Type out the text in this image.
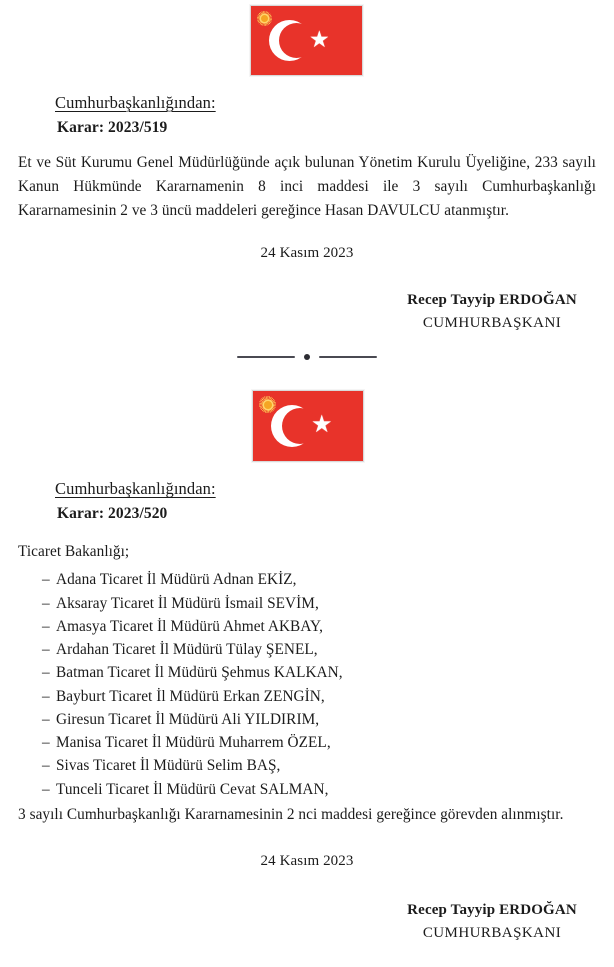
★
Cumhurbaşkanlığından:
Karar: 2023/519
Et ve Süt Kurumu Genel Müdürlüğünde açık bulunan Yönetim Kurulu Üyeliğine, 233 sayılı Kanun Hükmünde Kararnamenin 8 inci maddesi ile 3 sayılı Cumhurbaşkanlığı Kararnamesinin 2 ve 3 üncü maddeleri gereğince Hasan DAVULCU atanmıştır.
24 Kasım 2023
Recep Tayyip ERDOĞAN
CUMHURBAŞKANI
★
Cumhurbaşkanlığından:
Karar: 2023/520
Ticaret Bakanlığı;
– Adana Ticaret İl Müdürü Adnan EKİZ,
– Aksaray Ticaret İl Müdürü İsmail SEVİM,
– Amasya Ticaret İl Müdürü Ahmet AKBAY,
– Ardahan Ticaret İl Müdürü Tülay ŞENEL,
– Batman Ticaret İl Müdürü Şehmus KALKAN,
– Bayburt Ticaret İl Müdürü Erkan ZENGİN,
– Giresun Ticaret İl Müdürü Ali YILDIRIM,
– Manisa Ticaret İl Müdürü Muharrem ÖZEL,
– Sivas Ticaret İl Müdürü Selim BAŞ,
– Tunceli Ticaret İl Müdürü Cevat SALMAN,
3 sayılı Cumhurbaşkanlığı Kararnamesinin 2 nci maddesi gereğince görevden alınmıştır.
24 Kasım 2023
Recep Tayyip ERDOĞAN
CUMHURBAŞKANI
